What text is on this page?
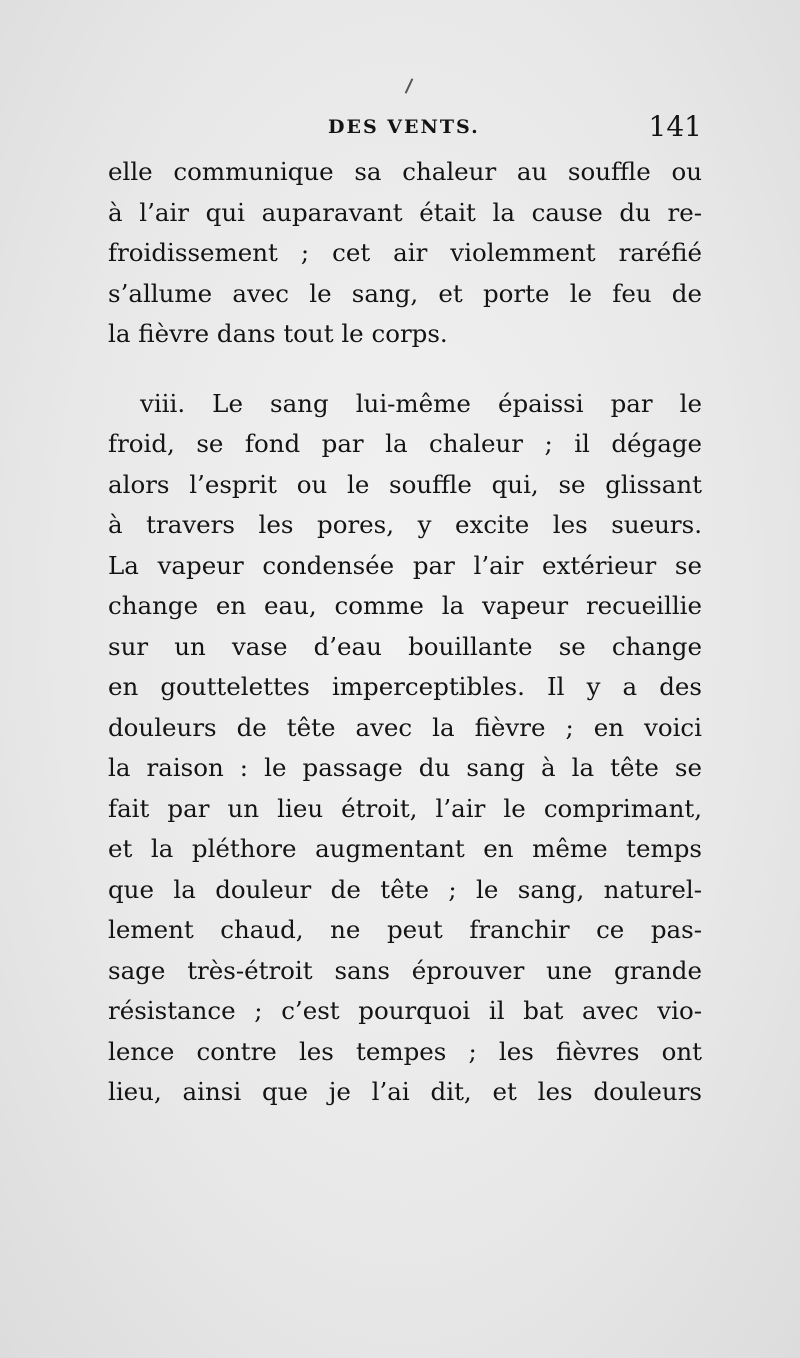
DES VENTS.	141
elle communique sa chaleur au souffle ou
à l’air qui auparavant était la cause du re-
froidissement ; cet air violemment raréfié
s’allume avec le sang, et porte le feu de
la fièvre dans tout le corps.
viii. Le sang lui-même épaissi par le
froid, se fond par la chaleur ; il dégage
alors l’esprit ou le souffle qui, se glissant
à travers les pores, y excite les sueurs.
La vapeur condensée par l’air extérieur se
change en eau, comme la vapeur recueillie
sur un vase d’eau bouillante se change
en gouttelettes imperceptibles. Il y a des
douleurs de tête avec la fièvre ; en voici
la raison : le passage du sang à la tête se
fait par un lieu étroit, l’air le comprimant,
et la pléthore augmentant en même temps
que la douleur de tête ; le sang, naturel-
lement chaud, ne peut franchir ce pas-
sage très-étroit sans éprouver une grande
résistance ; c’est pourquoi il bat avec vio-
lence contre les tempes ; les fièvres ont
lieu, ainsi que je l’ai dit, et les douleurs
